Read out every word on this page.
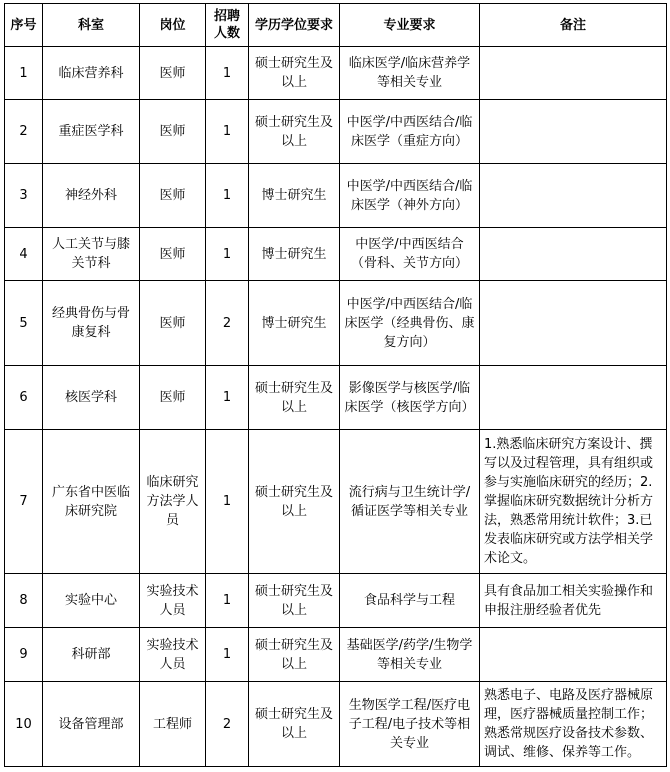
序号	科室	岗位	招聘人数	学历学位要求	专业要求	备注
1	临床营养科	医师	1	硕士研究生及以上	临床医学/临床营养学等相关专业	
2	重症医学科	医师	1	硕士研究生及以上	中医学/中西医结合/临床医学（重症方向）	
3	神经外科	医师	1	博士研究生	中医学/中西医结合/临床医学（神外方向）	
4	人工关节与膝关节科	医师	1	博士研究生	中医学/中西医结合（骨科、关节方向）	
5	经典骨伤与骨康复科	医师	2	博士研究生	中医学/中西医结合/临床医学（经典骨伤、康复方向）	
6	核医学科	医师	1	硕士研究生及以上	影像医学与核医学/临床医学（核医学方向）	
7	广东省中医临床研究院	临床研究方法学人员	1	硕士研究生及以上	流行病与卫生统计学/循证医学等相关专业	1.熟悉临床研究方案设计、撰写以及过程管理，具有组织或参与实施临床研究的经历；2.掌握临床研究数据统计分析方法，熟悉常用统计软件；3.已发表临床研究或方法学相关学术论文。
8	实验中心	实验技术人员	1	硕士研究生及以上	食品科学与工程	具有食品加工相关实验操作和申报注册经验者优先
9	科研部	实验技术人员	1	硕士研究生及以上	基础医学/药学/生物学等相关专业	
10	设备管理部	工程师	2	硕士研究生及以上	生物医学工程/医疗电子工程/电子技术等相关专业	熟悉电子、电路及医疗器械原理，医疗器械质量控制工作；熟悉常规医疗设备技术参数、调试、维修、保养等工作。
